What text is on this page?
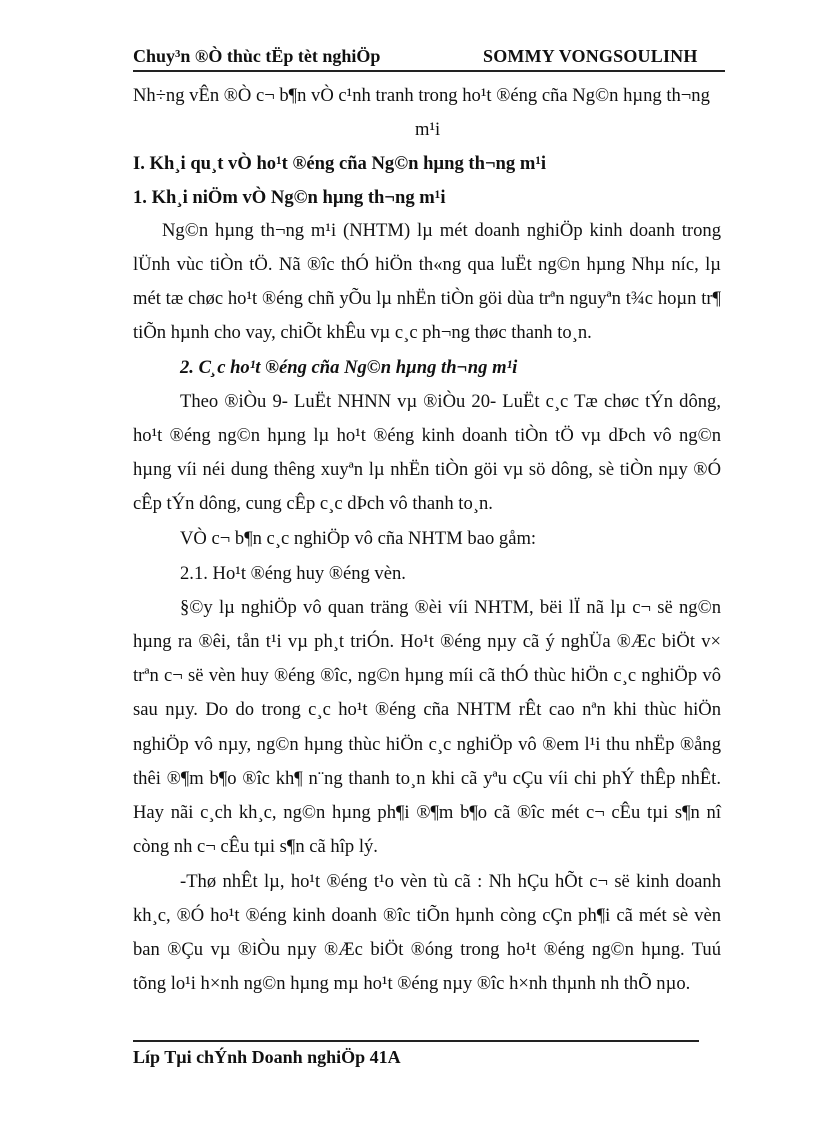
Chuy³n ®Ò thùc tËp tèt nghiÖp	SOMMY VONGSOULINH
Nh÷ng vÊn ®Ò c¬ b¶n vÒ c¹nh tranh trong ho¹t ®éng cña Ng©n hµng th¬ng
m¹i
I. Kh¸i qu¸t vÒ ho¹t ®éng cña Ng©n hµng th¬ng m¹i
1. Kh¸i niÖm vÒ Ng©n hµng th¬ng m¹i
Ng©n hµng th¬ng m¹i (NHTM) lµ mét doanh nghiÖp kinh doanh trong
lÜnh vùc tiÒn tÖ. Nã ®îc thÓ hiÖn th«ng qua luËt ng©n hµng Nhµ níc, lµ
mét tæ chøc ho¹t ®éng chñ yÕu lµ nhËn tiÒn göi dùa trªn nguyªn t¾c hoµn tr¶
tiÕn hµnh cho vay, chiÕt khÊu vµ c¸c ph¬ng thøc thanh to¸n.
2. C¸c ho¹t ®éng cña Ng©n hµng th¬ng m¹i
Theo ®iÒu 9- LuËt NHNN vµ ®iÒu 20- LuËt c¸c Tæ chøc tÝn dông,
ho¹t ®éng ng©n hµng lµ ho¹t ®éng kinh doanh tiÒn tÖ vµ dÞch vô ng©n
hµng víi néi dung thêng xuyªn lµ nhËn tiÒn göi vµ sö dông, sè tiÒn nµy ®Ó
cÊp tÝn dông, cung cÊp c¸c dÞch vô thanh to¸n.
VÒ c¬ b¶n c¸c nghiÖp vô cña NHTM bao gåm:
2.1. Ho¹t ®éng huy ®éng vèn.
§©y lµ nghiÖp vô quan träng ®èi víi NHTM, bëi lÏ nã lµ c¬ së ng©n
hµng ra ®êi, tån t¹i vµ ph¸t triÓn. Ho¹t ®éng nµy cã ý nghÜa ®Æc biÖt v×
trªn c¬ së vèn huy ®éng ®îc, ng©n hµng míi cã thÓ thùc hiÖn c¸c nghiÖp vô
sau nµy. Do do trong c¸c ho¹t ®éng cña NHTM rÊt cao nªn khi thùc hiÖn
nghiÖp vô nµy, ng©n hµng thùc hiÖn c¸c nghiÖp vô ®em l¹i thu nhËp ®ång
thêi ®¶m b¶o ®îc kh¶ n¨ng thanh to¸n khi cã yªu cÇu víi chi phÝ thÊp nhÊt.
Hay nãi c¸ch kh¸c, ng©n hµng ph¶i ®¶m b¶o cã ®îc mét c¬ cÊu tµi s¶n nî
còng nh c¬ cÊu tµi s¶n cã hîp lý.
-Thø nhÊt lµ, ho¹t ®éng t¹o vèn tù cã : Nh hÇu hÕt c¬ së kinh doanh
kh¸c, ®Ó ho¹t ®éng kinh doanh ®îc tiÕn hµnh còng cÇn ph¶i cã mét sè vèn
ban ®Çu vµ ®iÒu nµy ®Æc biÖt ®óng trong ho¹t ®éng ng©n hµng. Tuú
tõng lo¹i h×nh ng©n hµng mµ ho¹t ®éng nµy ®îc h×nh thµnh nh thÕ nµo.
Líp Tµi chÝnh Doanh nghiÖp 41A
